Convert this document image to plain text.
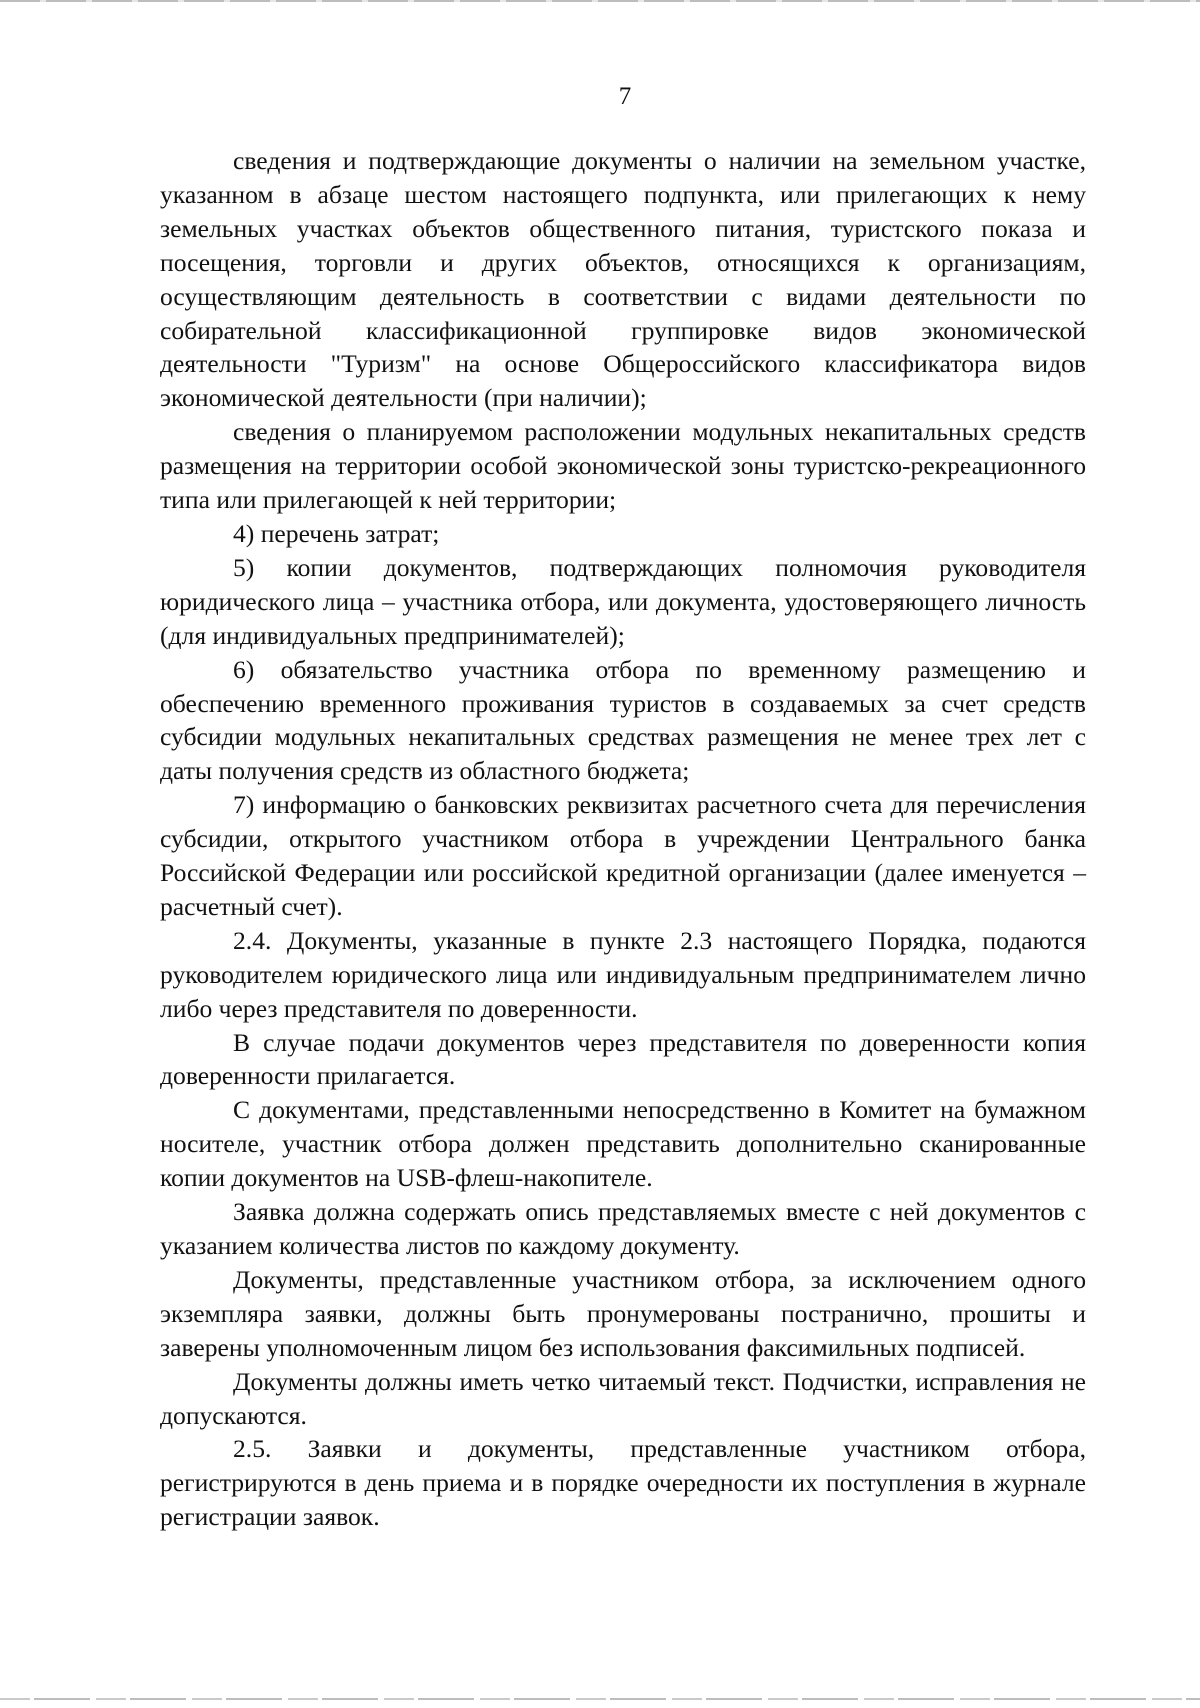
7

сведения и подтверждающие документы о наличии на земельном участке, указанном в абзаце шестом настоящего подпункта, или прилегающих к нему земельных участках объектов общественного питания, туристского показа и посещения, торговли и других объектов, относящихся к организациям, осуществляющим деятельность в соответствии с видами деятельности по собирательной классификационной группировке видов экономической деятельности "Туризм" на основе Общероссийского классификатора видов экономической деятельности (при наличии);

сведения о планируемом расположении модульных некапитальных средств размещения на территории особой экономической зоны туристско-рекреационного типа или прилегающей к ней территории;

4) перечень затрат;

5) копии документов, подтверждающих полномочия руководителя юридического лица – участника отбора, или документа, удостоверяющего личность (для индивидуальных предпринимателей);

6) обязательство участника отбора по временному размещению и обеспечению временного проживания туристов в создаваемых за счет средств субсидии модульных некапитальных средствах размещения не менее трех лет с даты получения средств из областного бюджета;

7) информацию о банковских реквизитах расчетного счета для перечисления субсидии, открытого участником отбора в учреждении Центрального банка Российской Федерации или российской кредитной организации (далее именуется – расчетный счет).

2.4. Документы, указанные в пункте 2.3 настоящего Порядка, подаются руководителем юридического лица или индивидуальным предпринимателем лично либо через представителя по доверенности.

В случае подачи документов через представителя по доверенности копия доверенности прилагается.

С документами, представленными непосредственно в Комитет на бумажном носителе, участник отбора должен представить дополнительно сканированные копии документов на USB-флеш-накопителе.

Заявка должна содержать опись представляемых вместе с ней документов с указанием количества листов по каждому документу.

Документы, представленные участником отбора, за исключением одного экземпляра заявки, должны быть пронумерованы постранично, прошиты и заверены уполномоченным лицом без использования факсимильных подписей.

Документы должны иметь четко читаемый текст. Подчистки, исправления не допускаются.

2.5. Заявки и документы, представленные участником отбора, регистрируются в день приема и в порядке очередности их поступления в журнале регистрации заявок.
